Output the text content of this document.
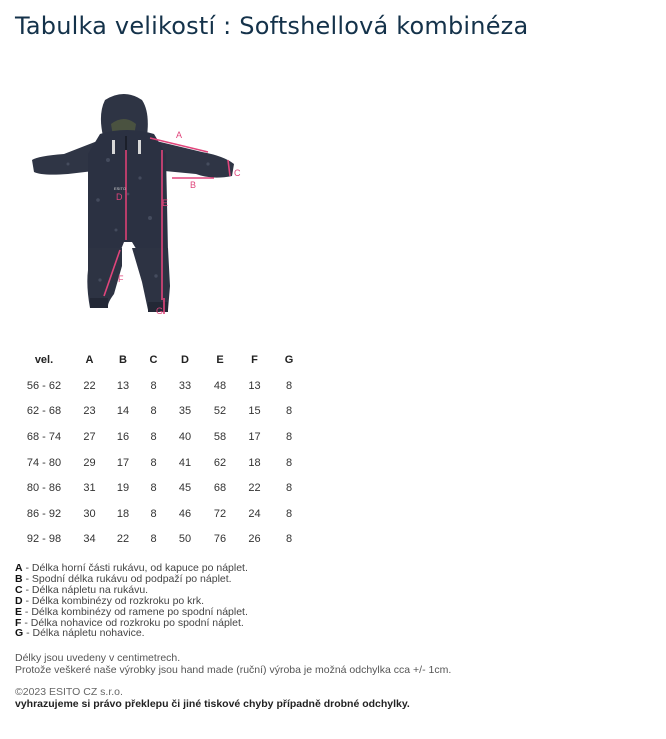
Tabulka velikostí : Softshellová kombinéza
A
B
C
D
E
F
G
ESITO
vel.	A	B	C	D	E	F	G
56 - 62	22	13	8	33	48	13	8
62 - 68	23	14	8	35	52	15	8
68 - 74	27	16	8	40	58	17	8
74 - 80	29	17	8	41	62	18	8
80 - 86	31	19	8	45	68	22	8
86 - 92	30	18	8	46	72	24	8
92 - 98	34	22	8	50	76	26	8
A - Délka horní části rukávu, od kapuce po náplet.
B - Spodní délka rukávu od podpaží po náplet.
C - Délka nápletu na rukávu.
D - Délka kombinézy od rozkroku po krk.
E - Délka kombinézy od ramene po spodní náplet.
F - Délka nohavice od rozkroku po spodní náplet.
G - Délka nápletu nohavice.
Délky jsou uvedeny v centimetrech.
Protože veškeré naše výrobky jsou hand made (ruční) výroba je možná odchylka cca +/- 1cm.
©2023 ESITO CZ s.r.o.
vyhrazujeme si právo překlepu či jiné tiskové chyby případně drobné odchylky.
